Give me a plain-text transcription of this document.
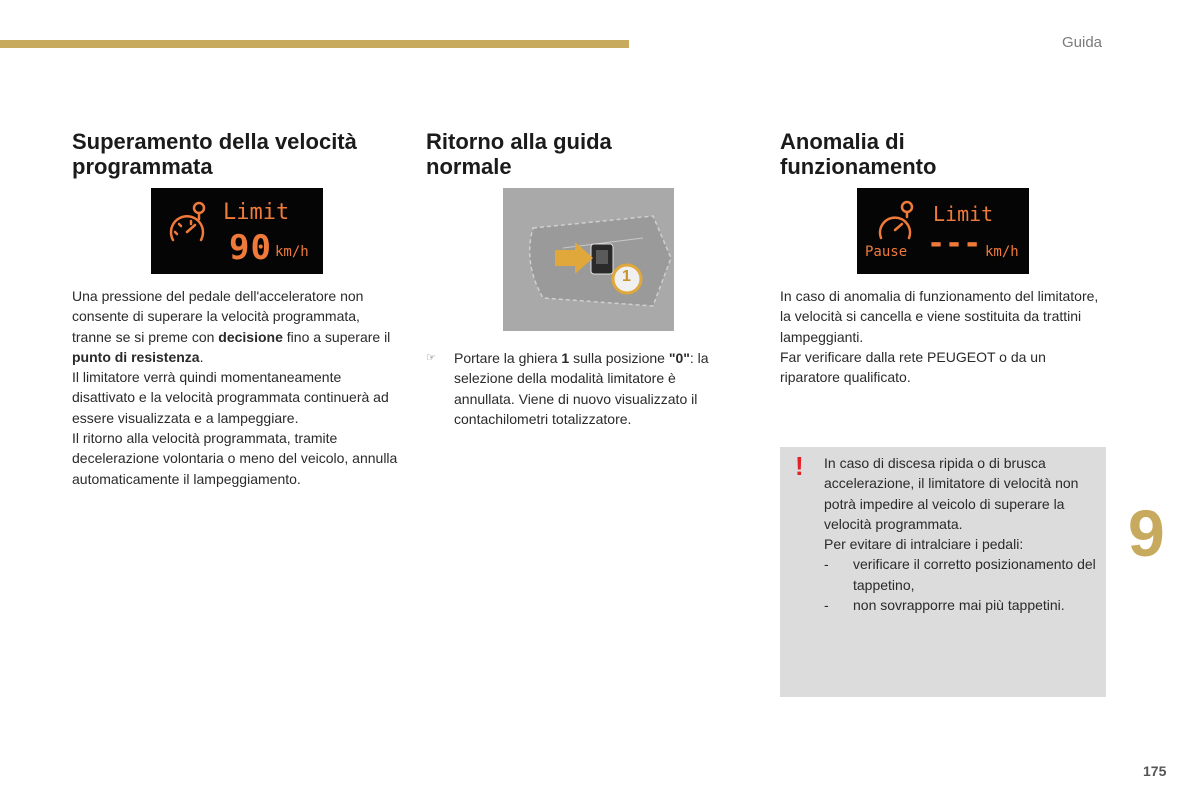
Guida
9
175
Superamento della velocità
programmata
Limit
90 km/h

Una pressione del pedale dell'acceleratore non consente di superare la velocità programmata, tranne se si preme con decisione fino a superare il punto di resistenza.

Il limitatore verrà quindi momentaneamente disattivato e la velocità programmata continuerà ad essere visualizzata e a lampeggiare.

Il ritorno alla velocità programmata, tramite decelerazione volontaria o meno del veicolo, annulla automaticamente il lampeggiamento.

Ritorno alla guida
normale
1
☞	Portare la ghiera 1 sulla posizione "0": la selezione della modalità limitatore è annullata. Viene di nuovo visualizzato il contachilometri totalizzatore.
Anomalia di
funzionamento
Limit
Pause --- km/h

In caso di anomalia di funzionamento del limitatore, la velocità si cancella e viene sostituita da trattini lampeggianti.

Far verificare dalla rete PEUGEOT o da un riparatore qualificato.

! In caso di discesa ripida o di brusca accelerazione, il limitatore di velocità non potrà impedire al veicolo di superare la velocità programmata.

Per evitare di intralciare i pedali:

-	verificare il corretto posizionamento del tappetino,
-	non sovrapporre mai più tappetini.
